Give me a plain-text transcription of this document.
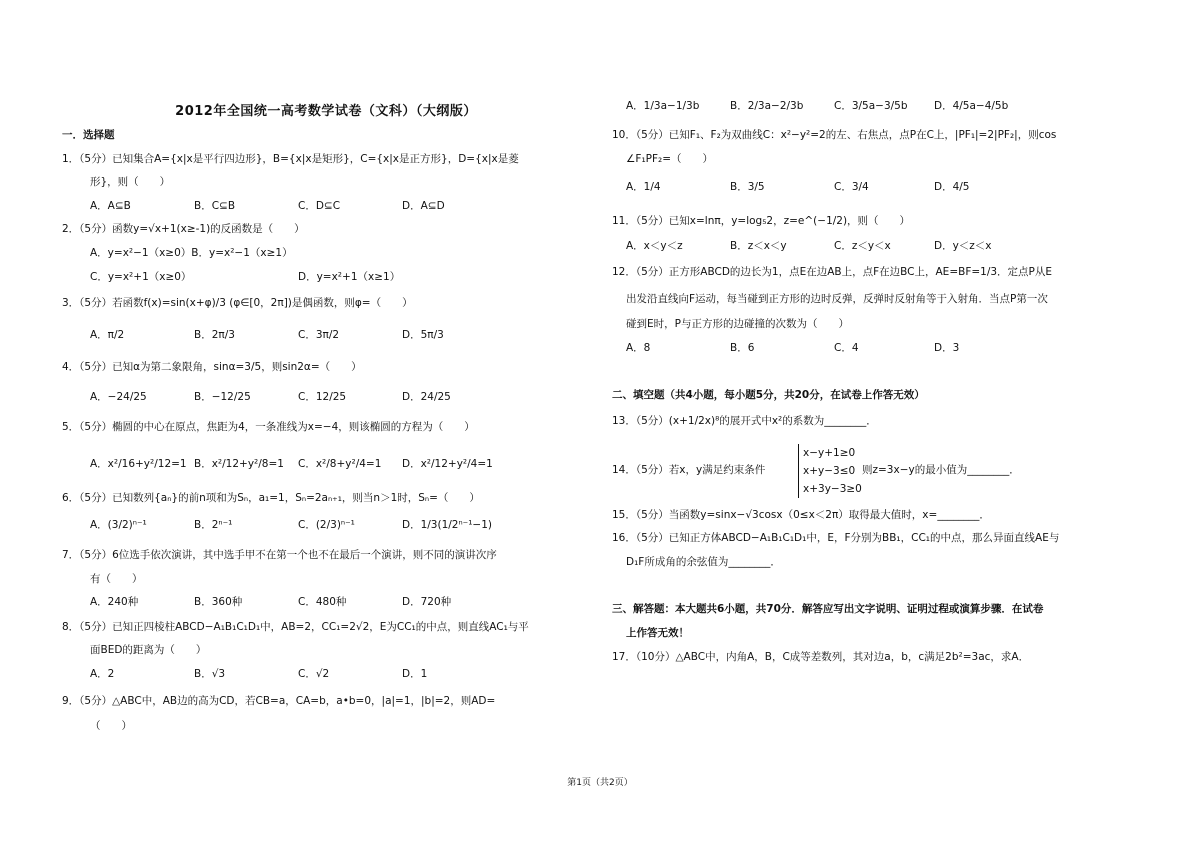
2012年全国统一高考数学试卷（文科）（大纲版）
一．选择题
1．（5分）已知集合A={x|x是平行四边形}，B={x|x是矩形}，C={x|x是正方形}，D={x|x是菱
形}，则（　　）
A．A⊆B	B．C⊆B	C．D⊆C	D．A⊆D
2．（5分）函数y=√x+1(x≥-1)的反函数是（　　）
A．y=x²−1（x≥0）B．y=x²−1（x≥1）
C．y=x²+1（x≥0）	D．y=x²+1（x≥1）
3．（5分）若函数f(x)=sin(x+φ)/3 (φ∈[0，2π])是偶函数，则φ=（　　）
A．π/2	B．2π/3	C．3π/2	D．5π/3
4．（5分）已知α为第二象限角，sinα=3/5，则sin2α=（　　）
A．−24/25	B．−12/25	C．12/25	D．24/25
5．（5分）椭圆的中心在原点，焦距为4，一条准线为x=−4，则该椭圆的方程为（　　）
A．x²/16+y²/12=1 B．x²/12+y²/8=1 C．x²/8+y²/4=1 D．x²/12+y²/4=1
6．（5分）已知数列{aₙ}的前n项和为Sₙ，a₁=1，Sₙ=2aₙ₊₁，则当n＞1时，Sₙ=（　　）
A．(3/2)ⁿ⁻¹	B．2ⁿ⁻¹	C．(2/3)ⁿ⁻¹	D．1/3(1/2ⁿ⁻¹−1)
7．（5分）6位选手依次演讲，其中选手甲不在第一个也不在最后一个演讲，则不同的演讲次序
有（　　）
A．240种	B．360种	C．480种	D．720种
8．（5分）已知正四棱柱ABCD−A₁B₁C₁D₁中，AB=2，CC₁=2√2，E为CC₁的中点，则直线AC₁与平
面BED的距离为（　　）
A．2	B．√3	C．√2	D．1
9．（5分）△ABC中，AB边的高为CD，若CB=a，CA=b，a•b=0，|a|=1，|b|=2，则AD=
（　　）
A．1/3a−1/3b	B．2/3a−2/3b	C．3/5a−3/5b	D．4/5a−4/5b
10．（5分）已知F₁、F₂为双曲线C：x²−y²=2的左、右焦点，点P在C上，|PF₁|=2|PF₂|，则cos
∠F₁PF₂=（　　）
A．1/4	B．3/5	C．3/4	D．4/5
11．（5分）已知x=lnπ，y=log₅2，z=e^(−1/2)，则（　　）
A．x＜y＜z	B．z＜x＜y	C．z＜y＜x	D．y＜z＜x
12．（5分）正方形ABCD的边长为1，点E在边AB上，点F在边BC上，AE=BF=1/3．定点P从E
出发沿直线向F运动，每当碰到正方形的边时反弹，反弹时反射角等于入射角．当点P第一次
碰到E时，P与正方形的边碰撞的次数为（　　）
A．8	B．6	C．4	D．3
二、填空题（共4小题，每小题5分，共20分，在试卷上作答无效）
13．（5分）(x+1/2x)⁸的展开式中x²的系数为________．
14．（5分）若x，y满足约束条件
x−y+1≥0
x+y−3≤0
x+3y−3≥0
则z=3x−y的最小值为________．
15．（5分）当函数y=sinx−√3cosx（0≤x＜2π）取得最大值时，x=________．
16．（5分）已知正方体ABCD−A₁B₁C₁D₁中，E，F分别为BB₁，CC₁的中点，那么异面直线AE与
D₁F所成角的余弦值为________．
三、解答题：本大题共6小题，共70分．解答应写出文字说明、证明过程或演算步骤．在试卷
上作答无效！
17．（10分）△ABC中，内角A，B，C成等差数列，其对边a，b，c满足2b²=3ac，求A．
第1页（共2页）
